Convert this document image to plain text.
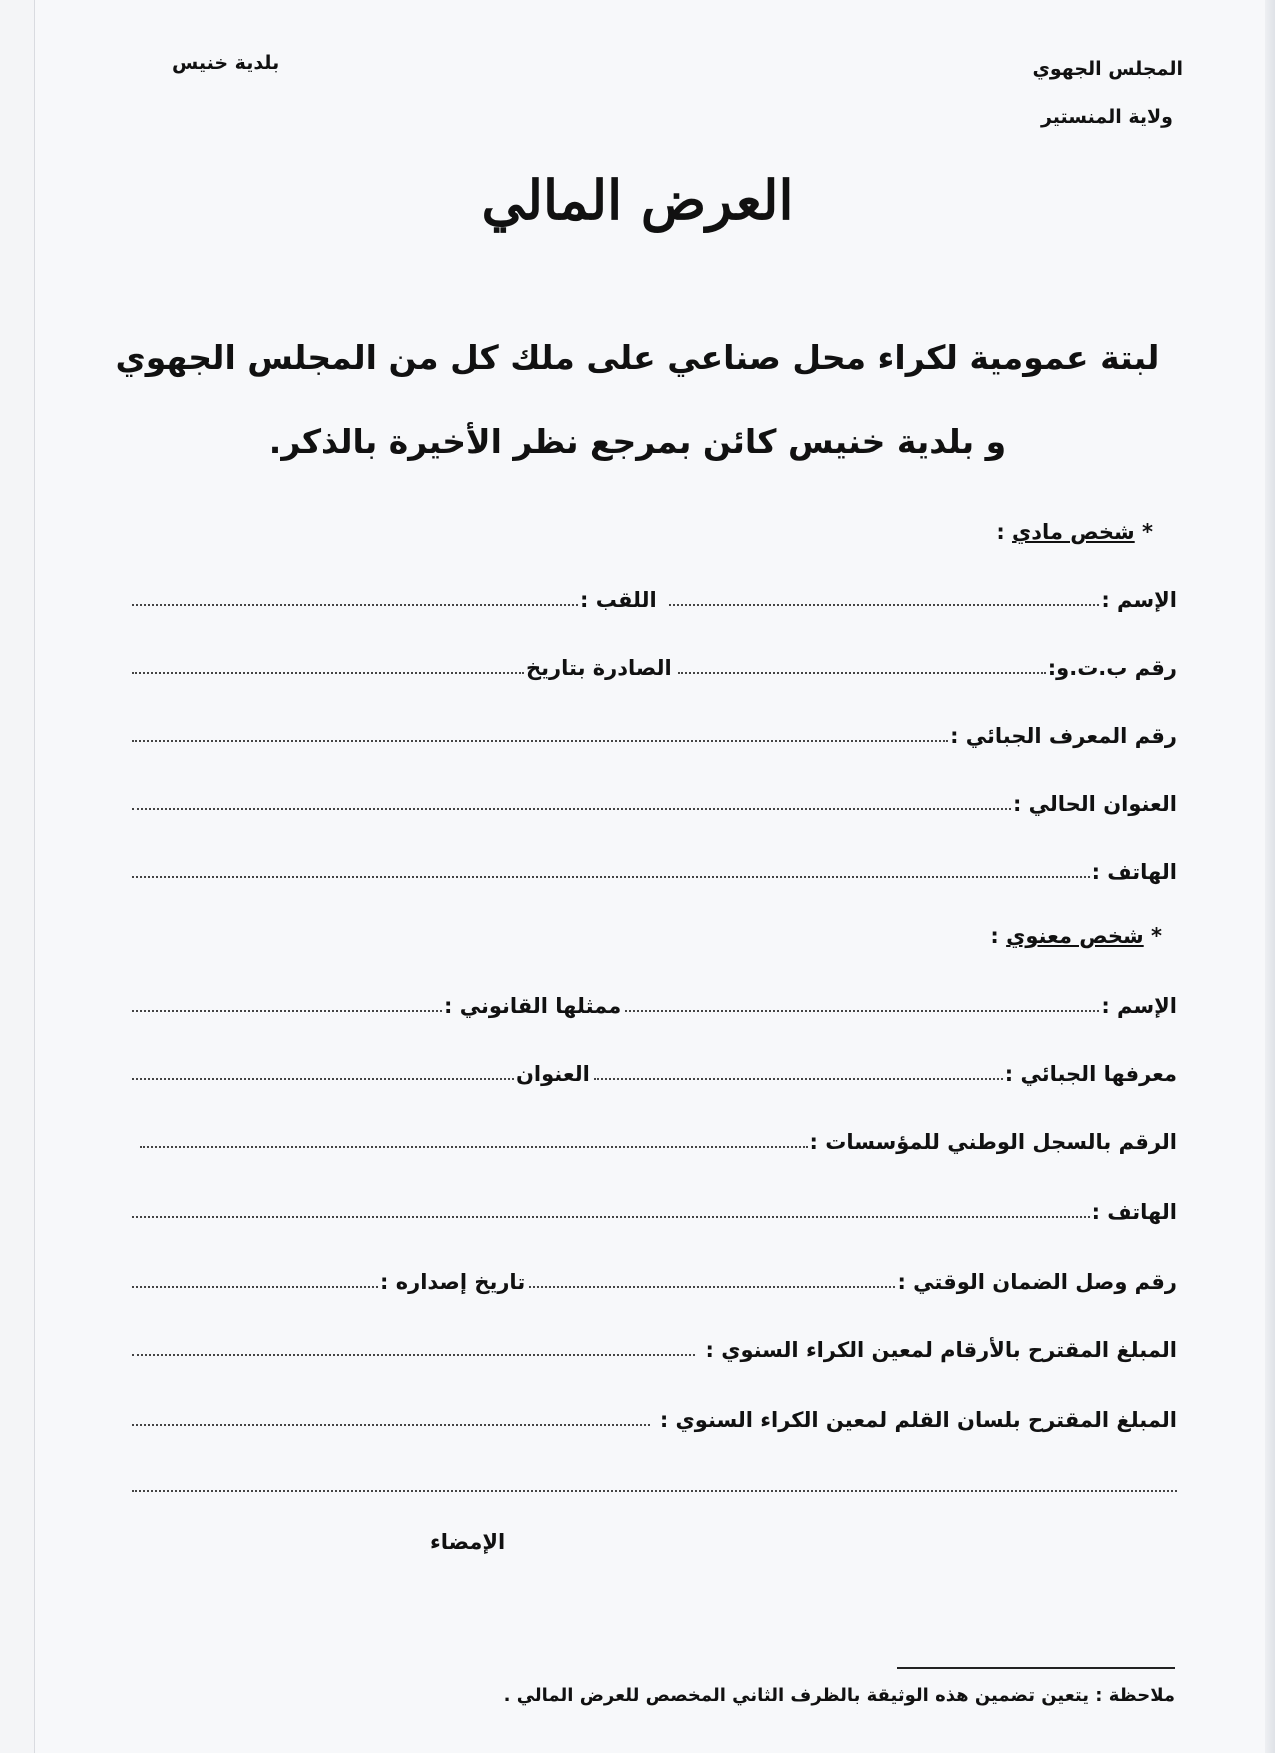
المجلس الجهوي
ولاية المنستير
بلدية خنيس
العرض المالي
لبتة عمومية لكراء محل صناعي على ملك كل من المجلس الجهوي
و بلدية خنيس كائن بمرجع نظر الأخيرة بالذكر.
* شخص مادي :
الإسم :
اللقب :
رقم ب.ت.و:
الصادرة بتاريخ
رقم المعرف الجبائي :
العنوان الحالي :
الهاتف :
* شخص معنوي :
الإسم :
ممثلها القانوني :
معرفها الجبائي :
العنوان
الرقم بالسجل الوطني للمؤسسات :
الهاتف :
رقم وصل الضمان الوقتي :
تاريخ إصداره :
المبلغ المقترح بالأرقام لمعين الكراء السنوي :
المبلغ المقترح بلسان القلم لمعين الكراء السنوي :
الإمضاء
ملاحظة : يتعين تضمين هذه الوثيقة بالظرف الثاني المخصص للعرض المالي .
